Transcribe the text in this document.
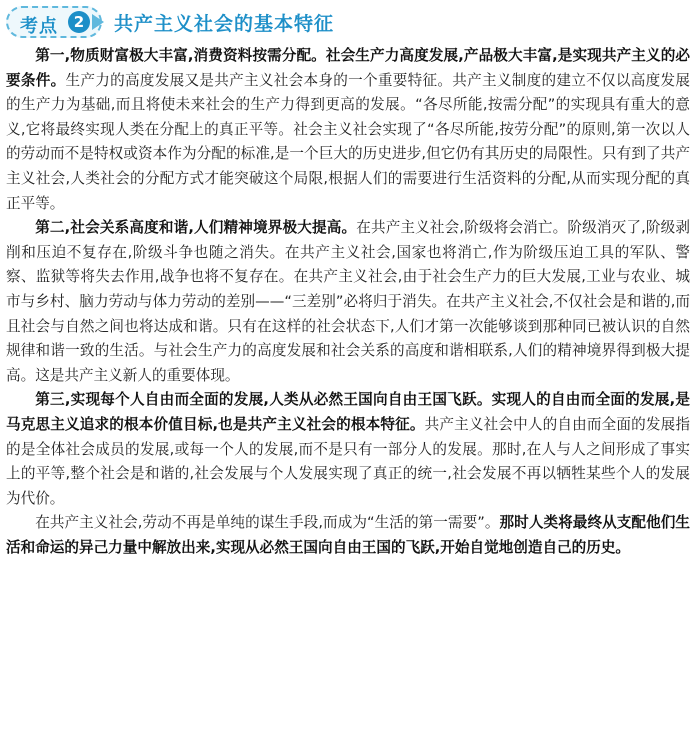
考点	2	共产主义社会的基本特征

第一,物质财富极大丰富,消费资料按需分配。社会生产力高度发展,产品极大丰富,是实现共产主义的必要条件。生产力的高度发展又是共产主义社会本身的一个重要特征。共产主义制度的建立不仅以高度发展的生产力为基础,而且将使未来社会的生产力得到更高的发展。“各尽所能,按需分配”的实现具有重大的意义,它将最终实现人类在分配上的真正平等。社会主义社会实现了“各尽所能,按劳分配”的原则,第一次以人的劳动而不是特权或资本作为分配的标准,是一个巨大的历史进步,但它仍有其历史的局限性。只有到了共产主义社会,人类社会的分配方式才能突破这个局限,根据人们的需要进行生活资料的分配,从而实现分配的真正平等。

第二,社会关系高度和谐,人们精神境界极大提高。在共产主义社会,阶级将会消亡。阶级消灭了,阶级剥削和压迫不复存在,阶级斗争也随之消失。在共产主义社会,国家也将消亡,作为阶级压迫工具的军队、警察、监狱等将失去作用,战争也将不复存在。在共产主义社会,由于社会生产力的巨大发展,工业与农业、城市与乡村、脑力劳动与体力劳动的差别——“三差别”必将归于消失。在共产主义社会,不仅社会是和谐的,而且社会与自然之间也将达成和谐。只有在这样的社会状态下,人们才第一次能够谈到那种同已被认识的自然规律和谐一致的生活。与社会生产力的高度发展和社会关系的高度和谐相联系,人们的精神境界得到极大提高。这是共产主义新人的重要体现。

第三,实现每个人自由而全面的发展,人类从必然王国向自由王国飞跃。实现人的自由而全面的发展,是马克思主义追求的根本价值目标,也是共产主义社会的根本特征。共产主义社会中人的自由而全面的发展指的是全体社会成员的发展,或每一个人的发展,而不是只有一部分人的发展。那时,在人与人之间形成了事实上的平等,整个社会是和谐的,社会发展与个人发展实现了真正的统一,社会发展不再以牺牲某些个人的发展为代价。

在共产主义社会,劳动不再是单纯的谋生手段,而成为“生活的第一需要”。那时人类将最终从支配他们生活和命运的异己力量中解放出来,实现从必然王国向自由王国的飞跃,开始自觉地创造自己的历史。
